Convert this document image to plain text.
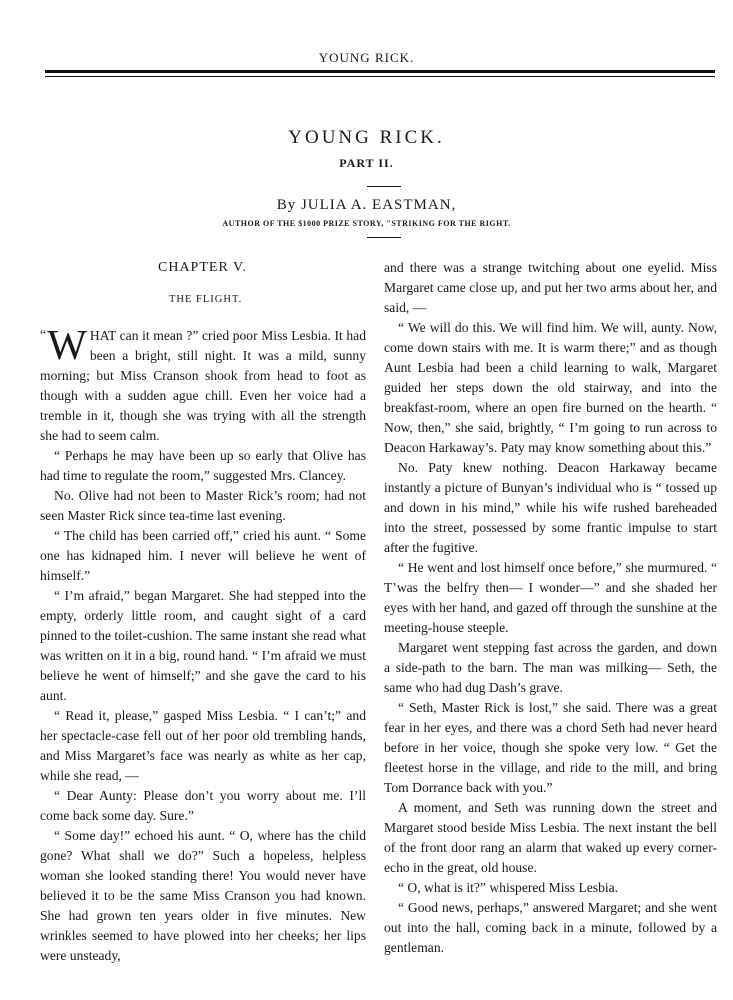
YOUNG RICK.
YOUNG RICK.
PART II.
By JULIA A. EASTMAN,
AUTHOR OF THE $1000 PRIZE STORY, "STRIKING FOR THE RIGHT.
CHAPTER V.
THE FLIGHT.

“ W HAT can it mean ?” cried poor Miss Lesbia. It had been a bright, still night. It was a mild, sunny morning; but Miss Cranson shook from head to foot as though with a sudden ague chill. Even her voice had a tremble in it, though she was trying with all the strength she had to seem calm.

“ Perhaps he may have been up so early that Olive has had time to regulate the room,” suggested Mrs. Clancey.

No. Olive had not been to Master Rick’s room; had not seen Master Rick since tea-time last evening.

“ The child has been carried off,” cried his aunt. “ Some one has kidnaped him. I never will believe he went of himself.”

“ I’m afraid,” began Margaret. She had stepped into the empty, orderly little room, and caught sight of a card pinned to the toilet-cushion. The same instant she read what was written on it in a big, round hand. “ I’m afraid we must believe he went of himself;” and she gave the card to his aunt.

“ Read it, please,” gasped Miss Lesbia. “ I can’t;” and her spectacle-case fell out of her poor old trembling hands, and Miss Margaret’s face was nearly as white as her cap, while she read, —

“ Dear Aunty: Please don’t you worry about me. I’ll come back some day. Sure.”

“ Some day!” echoed his aunt. “ O, where has the child gone? What shall we do?” Such a hopeless, helpless woman she looked standing there! You would never have believed it to be the same Miss Cranson you had known. She had grown ten years older in five minutes. New wrinkles seemed to have plowed into her cheeks; her lips were unsteady,

and there was a strange twitching about one eyelid. Miss Margaret came close up, and put her two arms about her, and said, —

“ We will do this. We will find him. We will, aunty. Now, come down stairs with me. It is warm there;” and as though Aunt Lesbia had been a child learning to walk, Margaret guided her steps down the old stairway, and into the breakfast-room, where an open fire burned on the hearth. “ Now, then,” she said, brightly, “ I’m going to run across to Deacon Harkaway’s. Paty may know something about this.”

No. Paty knew nothing. Deacon Harkaway became instantly a picture of Bunyan’s individual who is “ tossed up and down in his mind,” while his wife rushed bareheaded into the street, possessed by some frantic impulse to start after the fugitive.

“ He went and lost himself once before,” she murmured. “ T’was the belfry then— I wonder—” and she shaded her eyes with her hand, and gazed off through the sunshine at the meeting-house steeple.

Margaret went stepping fast across the garden, and down a side-path to the barn. The man was milking— Seth, the same who had dug Dash’s grave.

“ Seth, Master Rick is lost,” she said. There was a great fear in her eyes, and there was a chord Seth had never heard before in her voice, though she spoke very low. “ Get the fleetest horse in the village, and ride to the mill, and bring Tom Dorrance back with you.”

A moment, and Seth was running down the street and Margaret stood beside Miss Lesbia. The next instant the bell of the front door rang an alarm that waked up every corner-echo in the great, old house.

“ O, what is it?” whispered Miss Lesbia.

“ Good news, perhaps,” answered Margaret; and she went out into the hall, coming back in a minute, followed by a gentleman.
